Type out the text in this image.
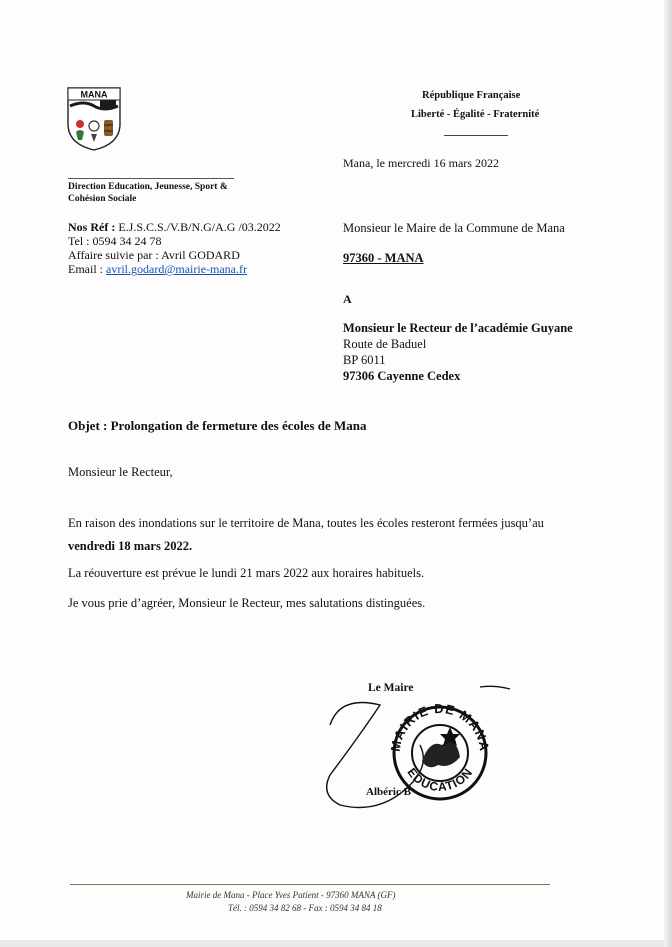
MANA	République Française
Liberté - Égalité - Fraternité
Mana, le mercredi 16 mars 2022
Direction Education, Jeunesse, Sport & Cohésion Sociale
Nos Réf : E.J.S.C.S./V.B/N.G/A.G /03.2022
Tel : 0594 34 24 78
Affaire suivie par : Avril GODARD
Email : avril.godard@mairie-mana.fr
Monsieur le Maire de la Commune de Mana
97360 - MANA
A
Monsieur le Recteur de l’académie Guyane
Route de Baduel
BP 6011
97306 Cayenne Cedex
Objet : Prolongation de fermeture des écoles de Mana
Monsieur le Recteur,
En raison des inondations sur le territoire de Mana, toutes les écoles resteront fermées jusqu’au
vendredi 18 mars 2022.
La réouverture est prévue le lundi 21 mars 2022 aux horaires habituels.
Je vous prie d’agréer, Monsieur le Recteur, mes salutations distinguées.
MAIRIE DE MANA
EDUCATION
Le Maire
Albéric B
Mairie de Mana - Place Yves Patient - 97360 MANA (GF)
Tél. : 0594 34 82 68 - Fax : 0594 34 84 18
